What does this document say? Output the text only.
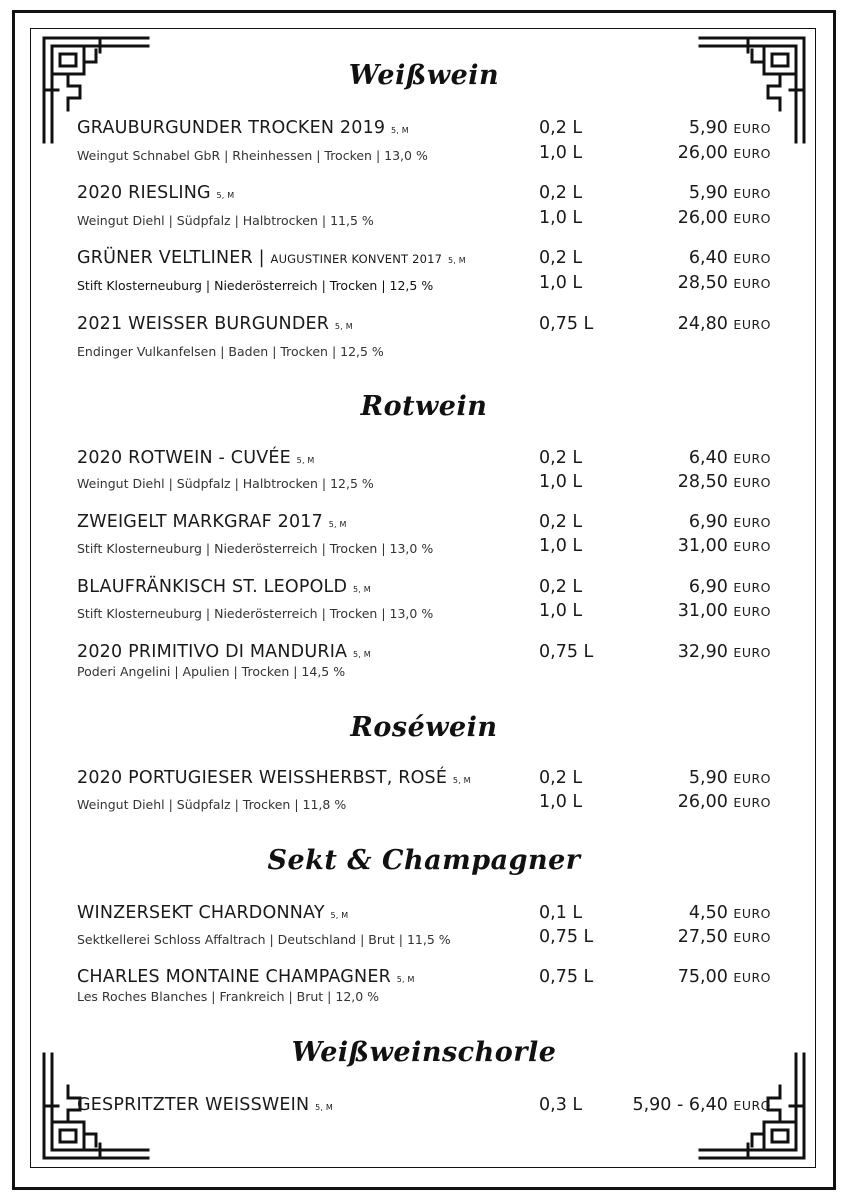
Weißwein
GRAUBURGUNDER TROCKEN 2019 5, M
Weingut Schnabel GbR | Rheinhessen | Trocken | 13,0 %
0,2 L	5,90 EURO
1,0 L	26,00 EURO
2020 RIESLING 5, M
Weingut Diehl | Südpfalz | Halbtrocken | 11,5 %
0,2 L	5,90 EURO
1,0 L	26,00 EURO
GRÜNER VELTLINER | AUGUSTINER KONVENT 2017 5, M
Stift Klosterneuburg | Niederösterreich | Trocken | 12,5 %
0,2 L	6,40 EURO
1,0 L	28,50 EURO
2021 WEISSER BURGUNDER 5, M
Endinger Vulkanfelsen | Baden | Trocken | 12,5 %
0,75 L	24,80 EURO
Rotwein
2020 ROTWEIN - CUVÉE 5, M
Weingut Diehl | Südpfalz | Halbtrocken | 12,5 %
0,2 L	6,40 EURO
1,0 L	28,50 EURO
ZWEIGELT MARKGRAF 2017 5, M
Stift Klosterneuburg | Niederösterreich | Trocken | 13,0 %
0,2 L	6,90 EURO
1,0 L	31,00 EURO
BLAUFRÄNKISCH ST. LEOPOLD 5, M
Stift Klosterneuburg | Niederösterreich | Trocken | 13,0 %
0,2 L	6,90 EURO
1,0 L	31,00 EURO
2020 PRIMITIVO DI MANDURIA 5, M
Poderi Angelini | Apulien | Trocken | 14,5 %
0,75 L	32,90 EURO
Roséwein
2020 PORTUGIESER WEISSHERBST, ROSÉ 5, M
Weingut Diehl | Südpfalz | Trocken | 11,8 %
0,2 L	5,90 EURO
1,0 L	26,00 EURO
Sekt & Champagner
WINZERSEKT CHARDONNAY 5, M
Sektkellerei Schloss Affaltrach | Deutschland | Brut | 11,5 %
0,1 L	4,50 EURO
0,75 L	27,50 EURO
CHARLES MONTAINE CHAMPAGNER 5, M
Les Roches Blanches | Frankreich | Brut | 12,0 %
0,75 L	75,00 EURO
Weißweinschorle
GESPRITZTER WEISSWEIN 5, M	0,3 L	5,90 - 6,40 EURO
